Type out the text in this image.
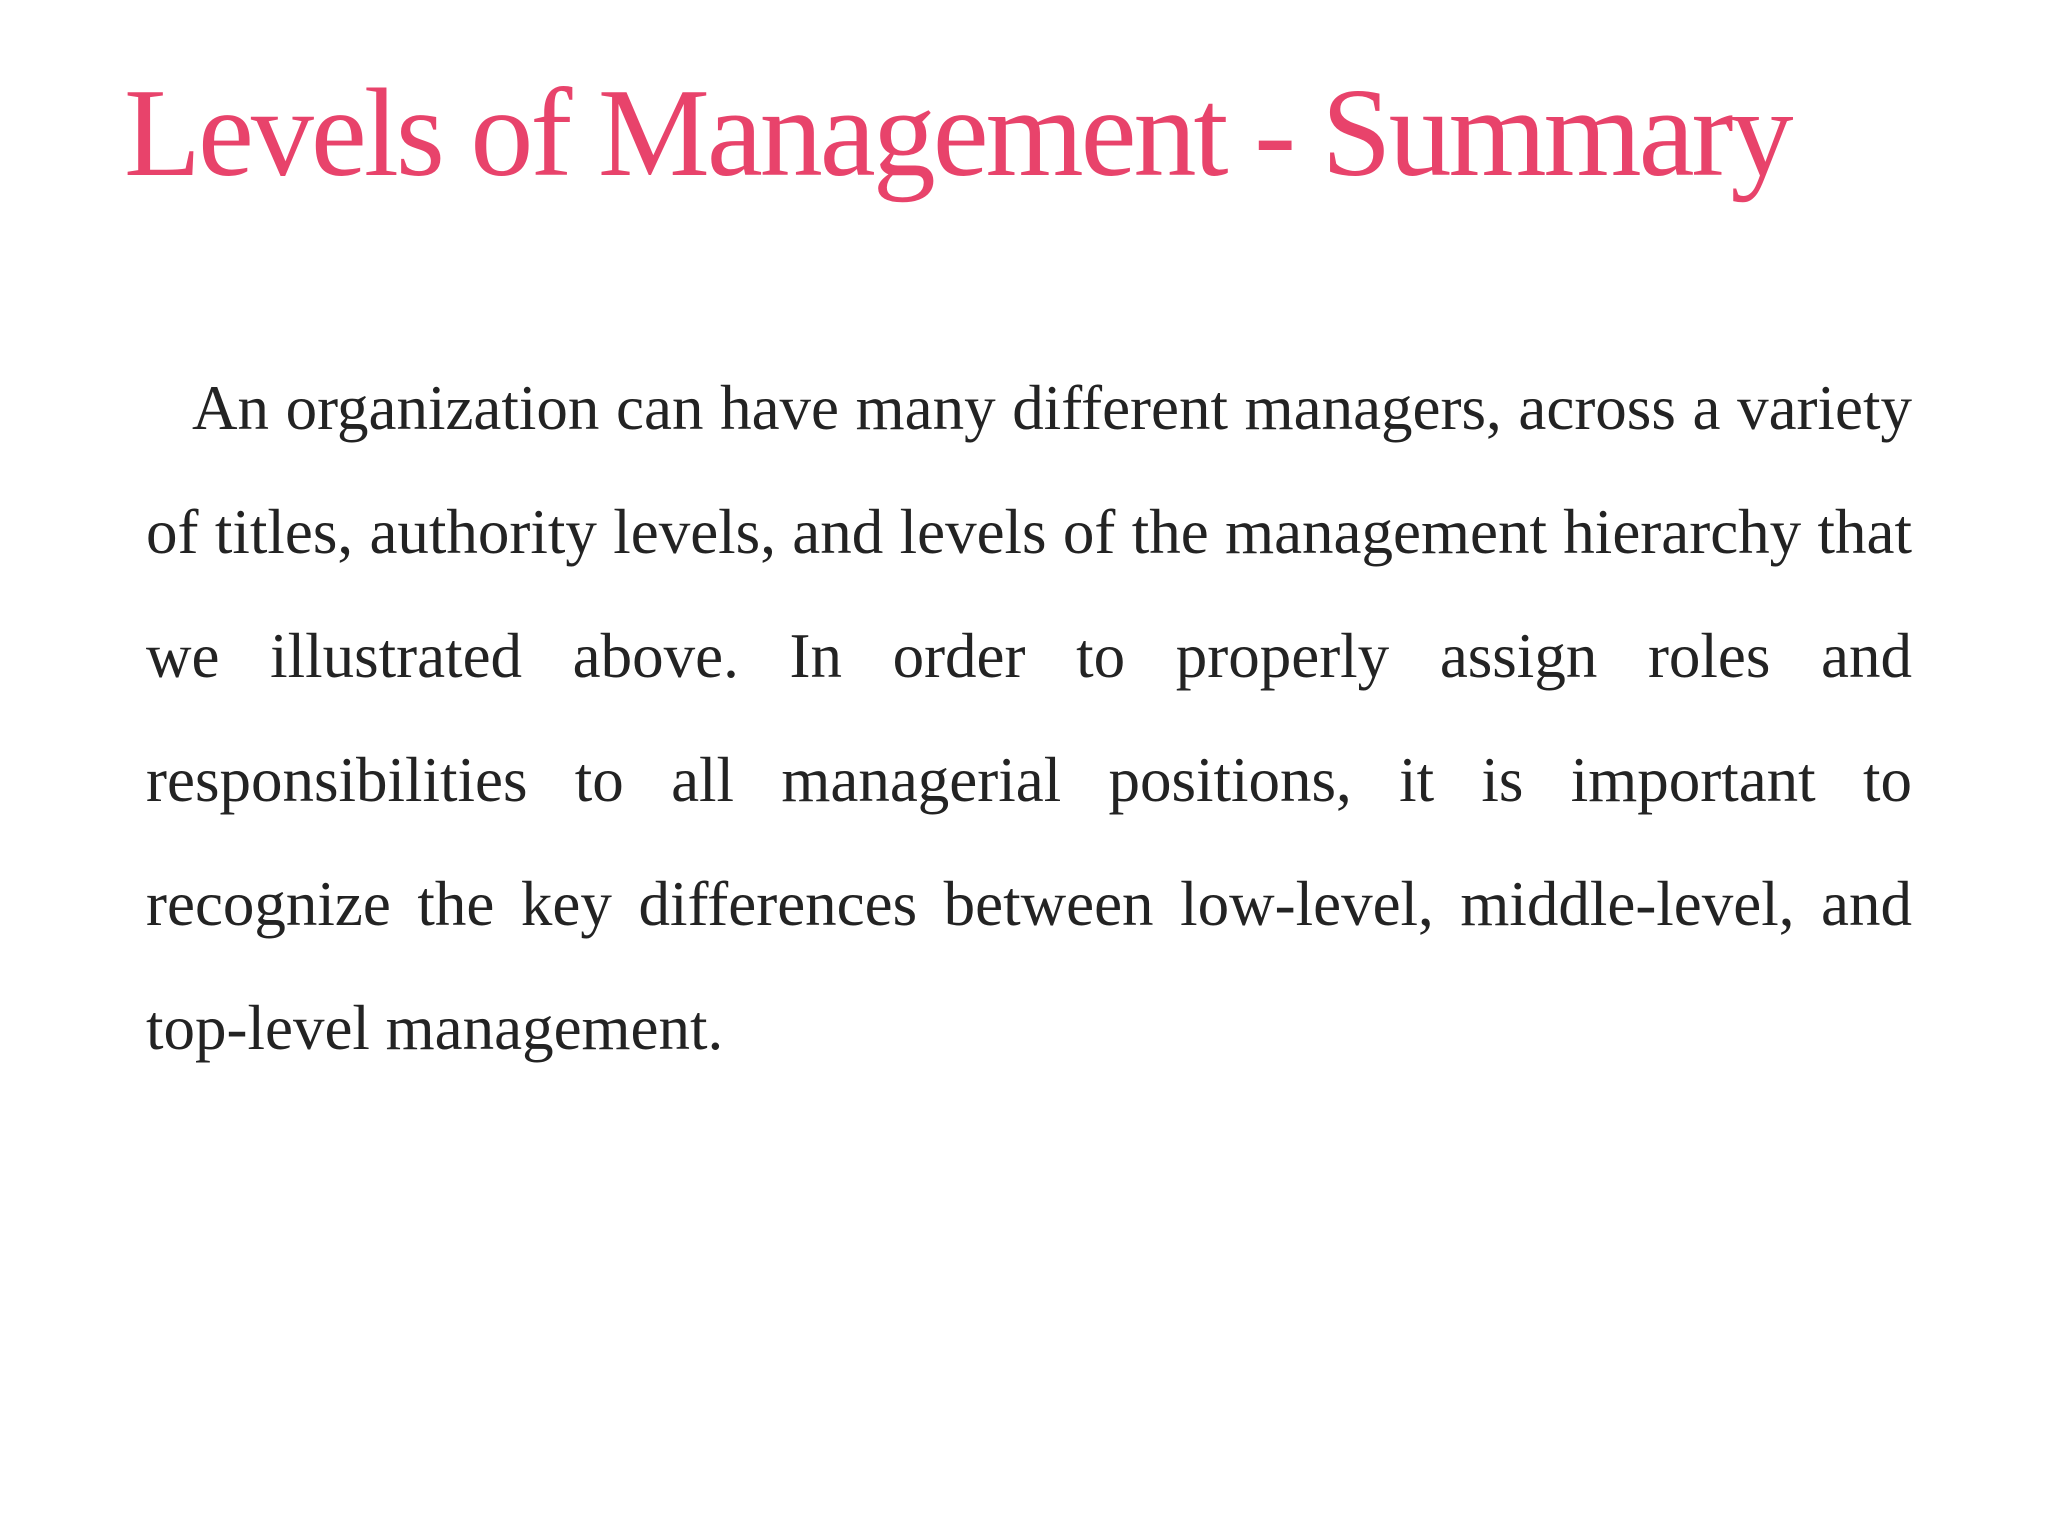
Levels of Management - Summary

An organization can have many different managers, across a variety of titles, authority levels, and levels of the management hierarchy that we illustrated above. In order to properly assign roles and responsibilities to all managerial positions, it is important to recognize the key differences between low-level, middle-level, and top-level management.
